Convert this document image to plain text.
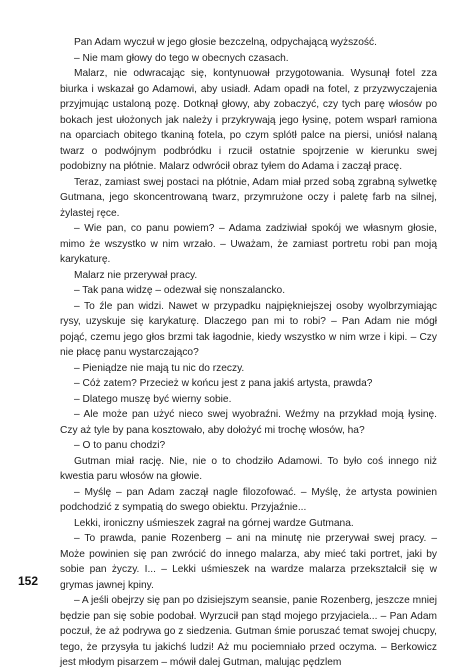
Pan Adam wyczuł w jego głosie bezczelną, odpychającą wyższość.

– Nie mam głowy do tego w obecnych czasach.

Malarz, nie odwracając się, kontynuował przygotowania. Wysunął fotel zza biurka i wskazał go Adamowi, aby usiadł. Adam opadł na fotel, z przyzwyczajenia przyjmując ustaloną pozę. Dotknął głowy, aby zobaczyć, czy tych parę włosów po bokach jest ułożonych jak należy i przykrywają jego łysinę, potem wsparł ramiona na oparciach obitego tkaniną fotela, po czym splótł palce na piersi, uniósł nalaną twarz o podwójnym podbródku i rzucił ostatnie spojrzenie w kierunku swej podobizny na płótnie. Malarz odwrócił obraz tyłem do Adama i zaczął pracę.

Teraz, zamiast swej postaci na płótnie, Adam miał przed sobą zgrabną sylwetkę Gutmana, jego skoncentrowaną twarz, przymrużone oczy i paletę farb na silnej, żylastej ręce.

– Wie pan, co panu powiem? – Adama zadziwiał spokój we własnym głosie, mimo że wszystko w nim wrzało. – Uważam, że zamiast portretu robi pan moją karykaturę.

Malarz nie przerywał pracy.

– Tak pana widzę – odezwał się nonszalancko.

– To źle pan widzi. Nawet w przypadku najpiękniejszej osoby wyolbrzymiając rysy, uzyskuje się karykaturę. Dlaczego pan mi to robi? – Pan Adam nie mógł pojąć, czemu jego głos brzmi tak łagodnie, kiedy wszystko w nim wrze i kipi. – Czy nie płacę panu wystarczająco?

– Pieniądze nie mają tu nic do rzeczy.

– Cóż zatem? Przecież w końcu jest z pana jakiś artysta, prawda?

– Dlatego muszę być wierny sobie.

– Ale może pan użyć nieco swej wyobraźni. Weźmy na przykład moją łysinę. Czy aż tyle by pana kosztowało, aby dołożyć mi trochę włosów, ha?

– O to panu chodzi?

Gutman miał rację. Nie, nie o to chodziło Adamowi. To było coś innego niż kwestia paru włosów na głowie.

– Myślę – pan Adam zaczął nagle filozofować. – Myślę, że artysta powinien podchodzić z sympatią do swego obiektu. Przyjaźnie...

Lekki, ironiczny uśmieszek zagrał na górnej wardze Gutmana.

– To prawda, panie Rozenberg – ani na minutę nie przerywał swej pracy. – Może powinien się pan zwrócić do innego malarza, aby mieć taki portret, jaki by sobie pan życzy. I... – Lekki uśmieszek na wardze malarza przekształcił się w grymas jawnej kpiny.

– A jeśli obejrzy się pan po dzisiejszym seansie, panie Rozenberg, jeszcze mniej będzie pan się sobie podobał. Wyrzucił pan stąd mojego przyjaciela... – Pan Adam poczuł, że aż podrywa go z siedzenia. Gutman śmie poruszać temat swojej chucpy, tego, że przysyła tu jakichś ludzi! Aż mu pociemniało przed oczyma. – Berkowicz jest młodym pisarzem – mówił dalej Gutman, malując pędzlem

152
